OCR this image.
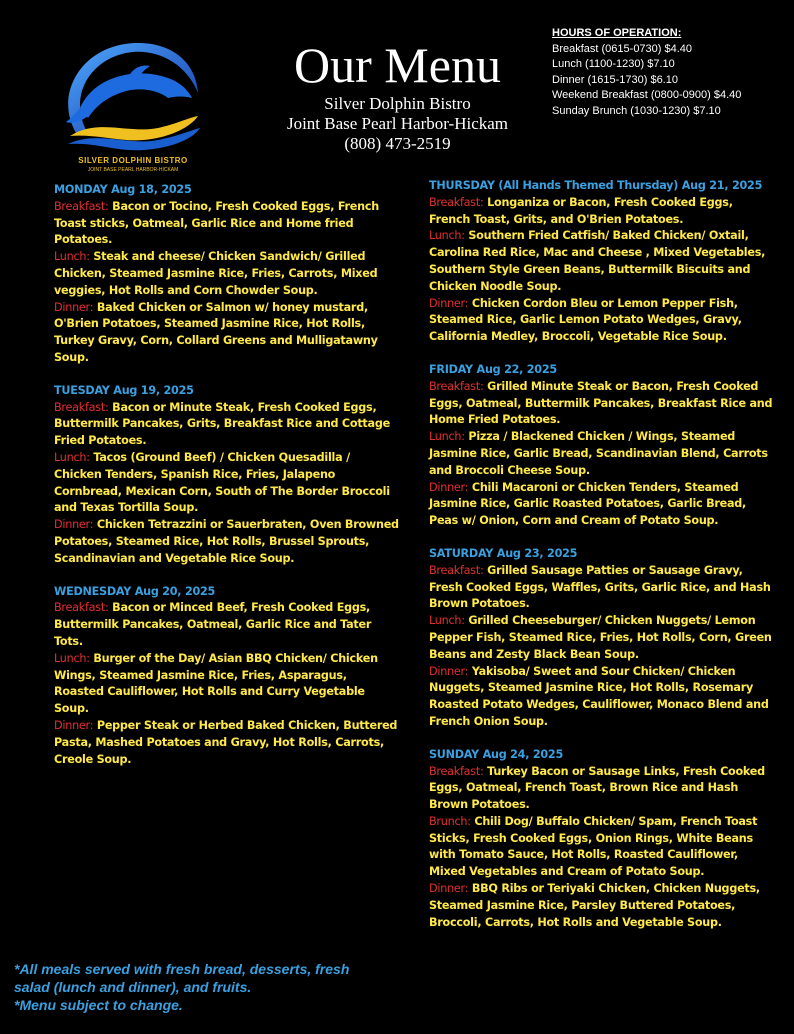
SILVER DOLPHIN BISTRO
JOINT BASE PEARL HARBOR-HICKAM
Our Menu
Silver Dolphin Bistro
Joint Base Pearl Harbor-Hickam
(808) 473-2519
HOURS OF OPERATION:
Breakfast (0615-0730) $4.40
Lunch (1100-1230) $7.10
Dinner (1615-1730) $6.10
Weekend Breakfast (0800-0900) $4.40
Sunday Brunch (1030-1230) $7.10
MONDAY Aug 18, 2025
Breakfast: Bacon or Tocino, Fresh Cooked Eggs, French Toast sticks, Oatmeal, Garlic Rice and Home fried Potatoes.
Lunch: Steak and cheese/ Chicken Sandwich/ Grilled Chicken, Steamed Jasmine Rice, Fries, Carrots, Mixed veggies, Hot Rolls and Corn Chowder Soup.
Dinner: Baked Chicken or Salmon w/ honey mustard, O'Brien Potatoes, Steamed Jasmine Rice, Hot Rolls, Turkey Gravy, Corn, Collard Greens and Mulligatawny Soup.
TUESDAY Aug 19, 2025
Breakfast: Bacon or Minute Steak, Fresh Cooked Eggs, Buttermilk Pancakes, Grits, Breakfast Rice and Cottage Fried Potatoes.
Lunch: Tacos (Ground Beef) / Chicken Quesadilla / Chicken Tenders, Spanish Rice, Fries, Jalapeno Cornbread, Mexican Corn, South of The Border Broccoli and Texas Tortilla Soup.
Dinner: Chicken Tetrazzini or Sauerbraten, Oven Browned Potatoes, Steamed Rice, Hot Rolls, Brussel Sprouts, Scandinavian and Vegetable Rice Soup.
WEDNESDAY Aug 20, 2025
Breakfast: Bacon or Minced Beef, Fresh Cooked Eggs, Buttermilk Pancakes, Oatmeal, Garlic Rice and Tater Tots.
Lunch: Burger of the Day/ Asian BBQ Chicken/ Chicken Wings, Steamed Jasmine Rice, Fries, Asparagus, Roasted Cauliflower, Hot Rolls and Curry Vegetable Soup.
Dinner: Pepper Steak or Herbed Baked Chicken, Buttered Pasta, Mashed Potatoes and Gravy, Hot Rolls, Carrots, Creole Soup.
THURSDAY (All Hands Themed Thursday) Aug 21, 2025
Breakfast: Longaniza or Bacon, Fresh Cooked Eggs, French Toast, Grits, and O'Brien Potatoes.
Lunch: Southern Fried Catfish/ Baked Chicken/ Oxtail, Carolina Red Rice, Mac and Cheese , Mixed Vegetables, Southern Style Green Beans, Buttermilk Biscuits and Chicken Noodle Soup.
Dinner: Chicken Cordon Bleu or Lemon Pepper Fish, Steamed Rice, Garlic Lemon Potato Wedges, Gravy, California Medley, Broccoli, Vegetable Rice Soup.
FRIDAY Aug 22, 2025
Breakfast: Grilled Minute Steak or Bacon, Fresh Cooked Eggs, Oatmeal, Buttermilk Pancakes, Breakfast Rice and Home Fried Potatoes.
Lunch: Pizza / Blackened Chicken / Wings, Steamed Jasmine Rice, Garlic Bread, Scandinavian Blend, Carrots and Broccoli Cheese Soup.
Dinner: Chili Macaroni or Chicken Tenders, Steamed Jasmine Rice, Garlic Roasted Potatoes, Garlic Bread, Peas w/ Onion, Corn and Cream of Potato Soup.
SATURDAY Aug 23, 2025
Breakfast: Grilled Sausage Patties or Sausage Gravy, Fresh Cooked Eggs, Waffles, Grits, Garlic Rice, and Hash Brown Potatoes.
Lunch: Grilled Cheeseburger/ Chicken Nuggets/ Lemon Pepper Fish, Steamed Rice, Fries, Hot Rolls, Corn, Green Beans and Zesty Black Bean Soup.
Dinner: Yakisoba/ Sweet and Sour Chicken/ Chicken Nuggets, Steamed Jasmine Rice, Hot Rolls, Rosemary Roasted Potato Wedges, Cauliflower, Monaco Blend and French Onion Soup.
SUNDAY Aug 24, 2025
Breakfast: Turkey Bacon or Sausage Links, Fresh Cooked Eggs, Oatmeal, French Toast, Brown Rice and Hash Brown Potatoes.
Brunch: Chili Dog/ Buffalo Chicken/ Spam, French Toast Sticks, Fresh Cooked Eggs, Onion Rings, White Beans with Tomato Sauce, Hot Rolls, Roasted Cauliflower, Mixed Vegetables and Cream of Potato Soup.
Dinner: BBQ Ribs or Teriyaki Chicken, Chicken Nuggets, Steamed Jasmine Rice, Parsley Buttered Potatoes, Broccoli, Carrots, Hot Rolls and Vegetable Soup.
*All meals served with fresh bread, desserts, fresh
salad (lunch and dinner), and fruits.
*Menu subject to change.
